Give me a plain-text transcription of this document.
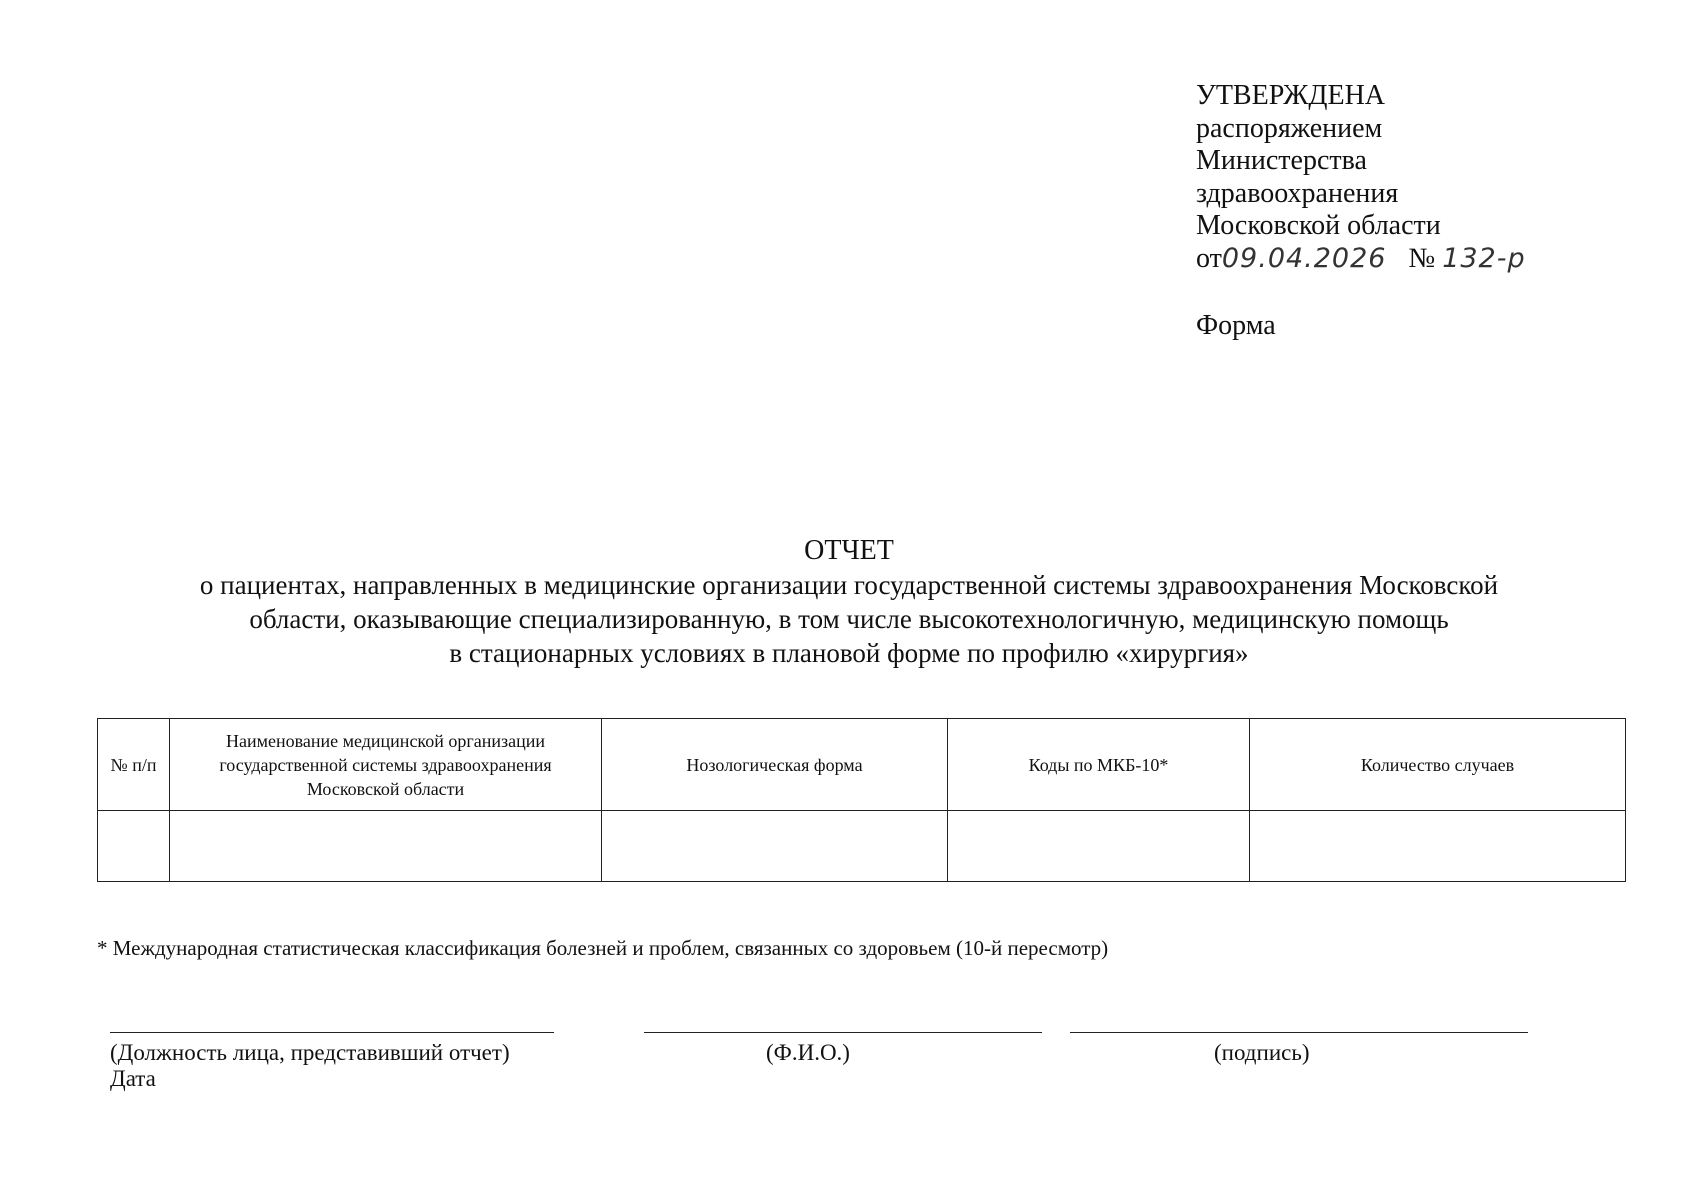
УТВЕРЖДЕНА
распоряжением
Министерства
здравоохранения
Московской области
от09.04.2026 № 132-р
Форма
ОТЧЕТ
о пациентах, направленных в медицинские организации государственной системы здравоохранения Московской
области, оказывающие специализированную, в том числе высокотехнологичную, медицинскую помощь
в стационарных условиях в плановой форме по профилю «хирургия»
№ п/п	Наименование медицинской организации государственной системы здравоохранения Московской области	Нозологическая форма	Коды по МКБ-10*	Количество случаев

* Международная статистическая классификация болезней и проблем, связанных со здоровьем (10-й пересмотр)
(Должность лица, представивший отчет)	(Ф.И.О.)	(подпись)
Дата
